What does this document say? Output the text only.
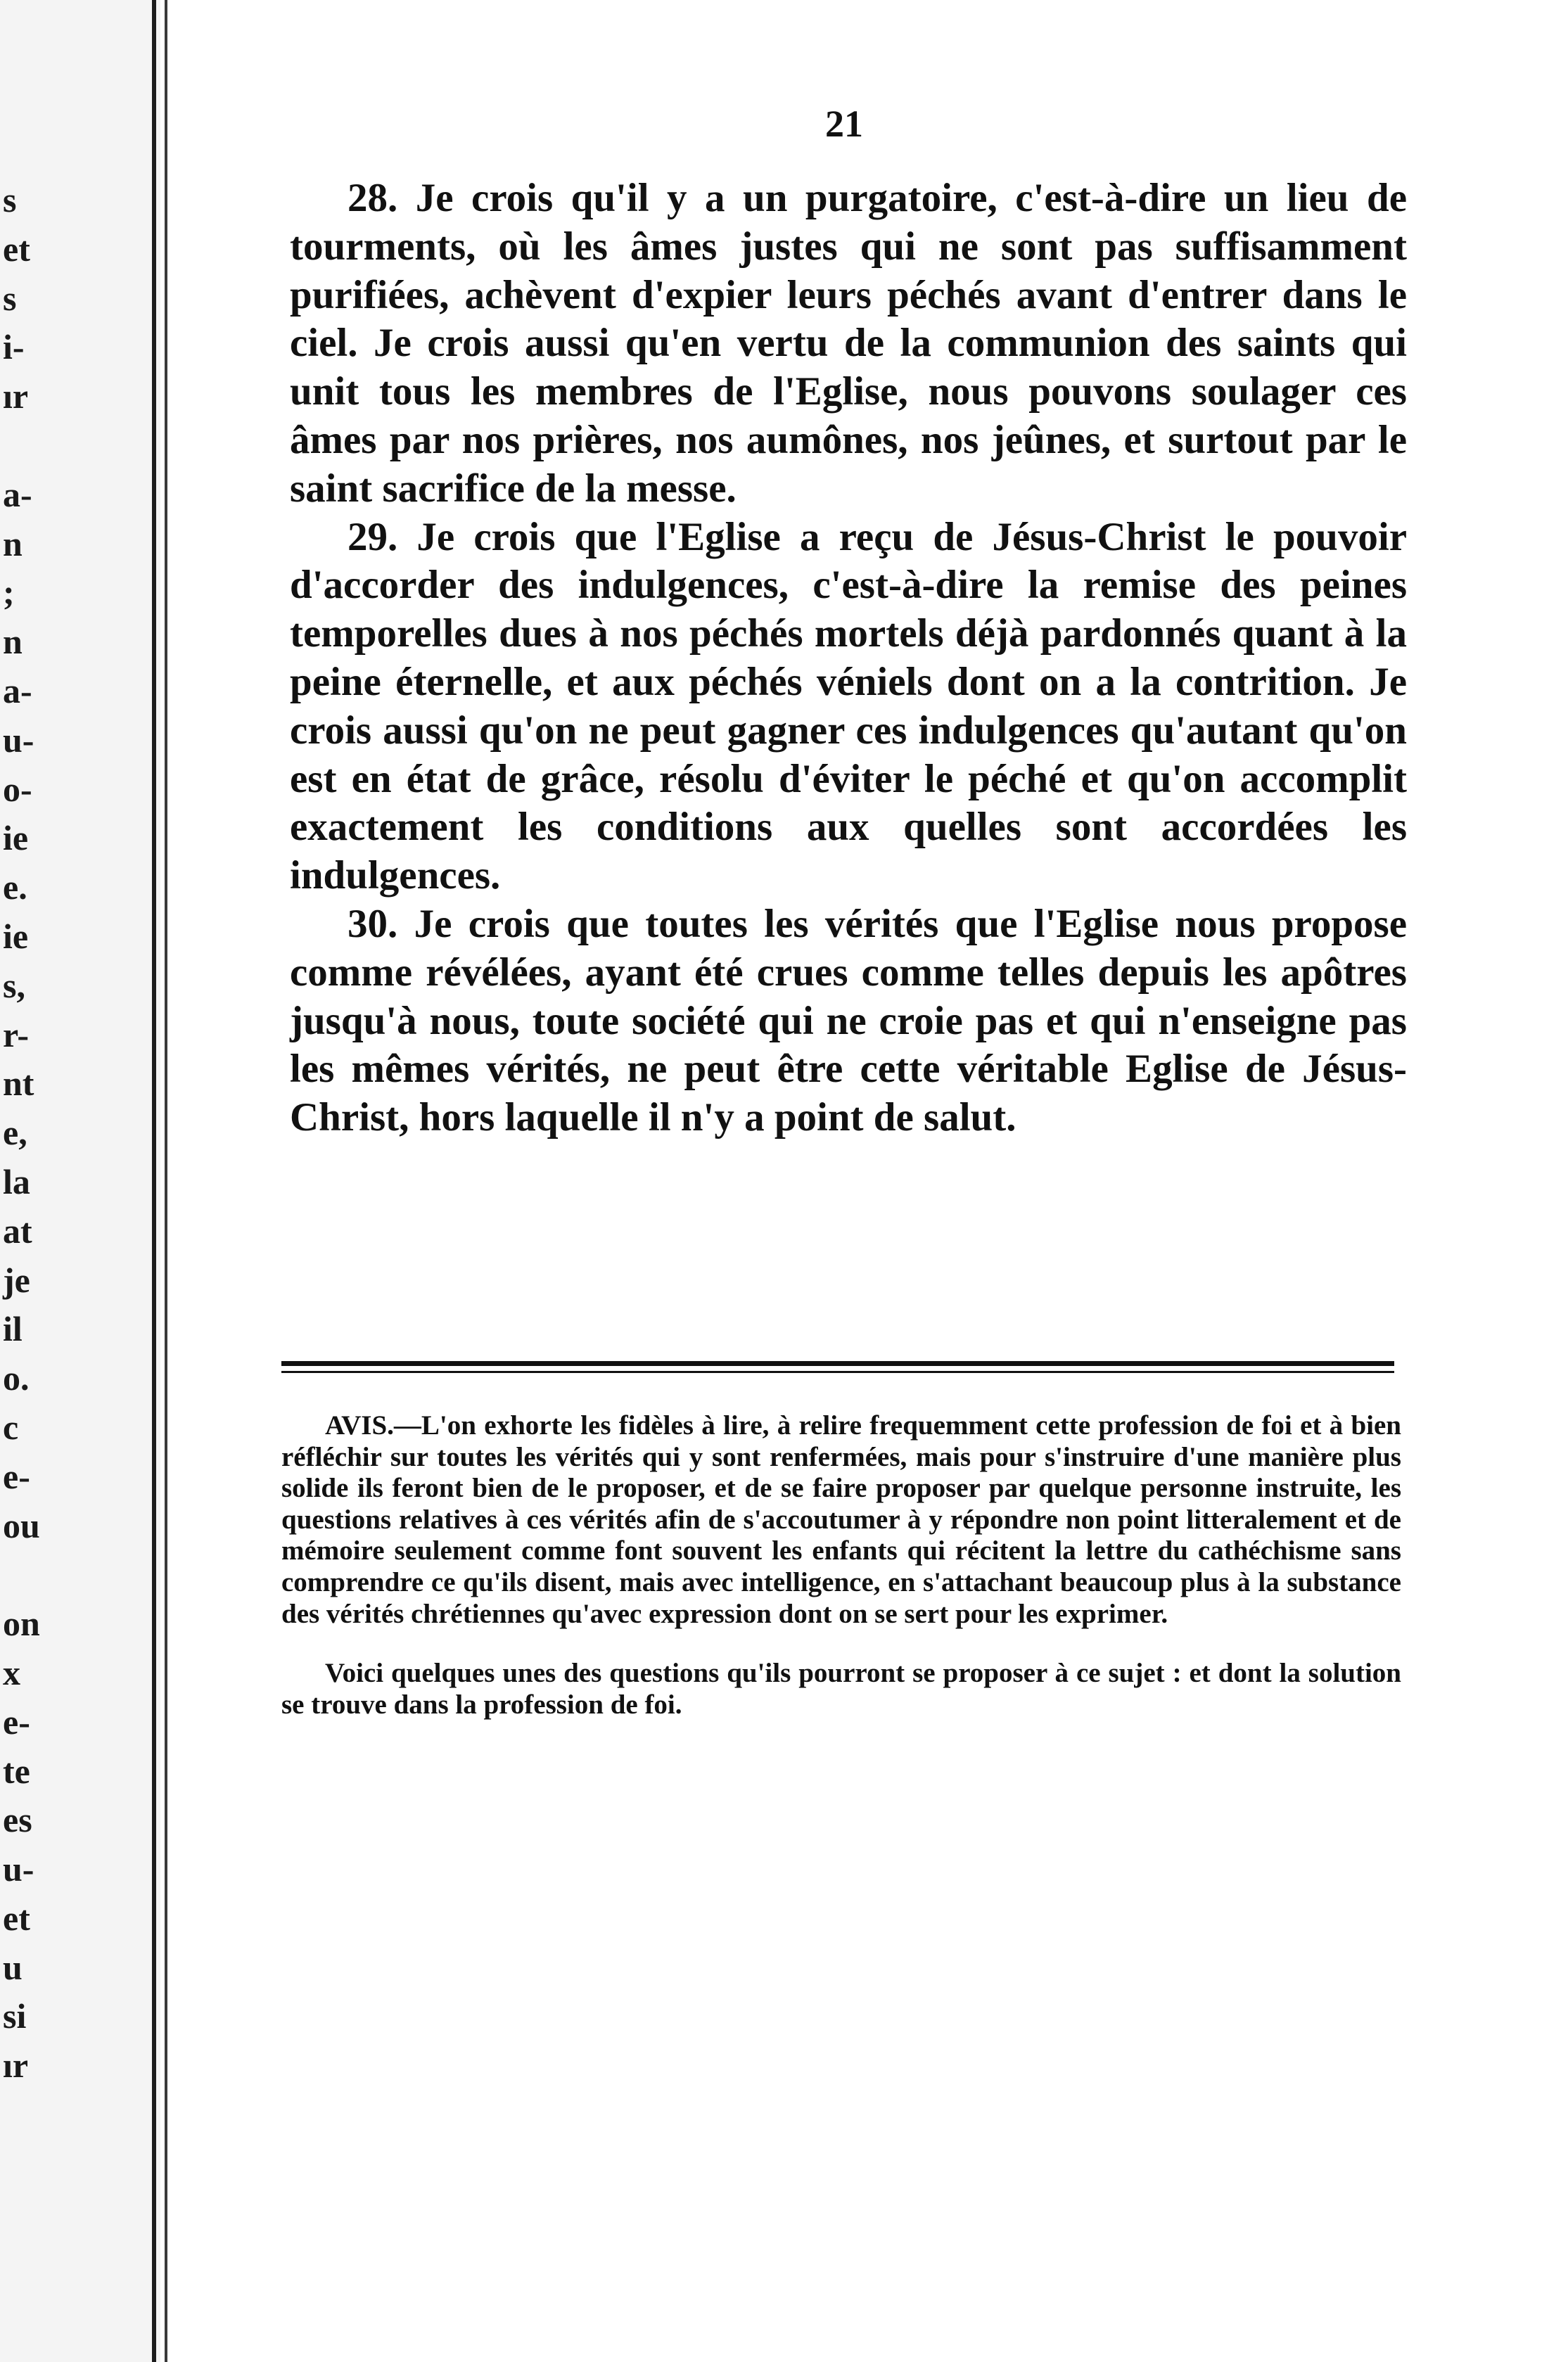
s
et
s
i-
ır
a-
n
;
n
a-
u-
o-
ie
e.
ie
s,
r-
nt
e,
la
at
je
il
o.
c
e-
ou
on
x
e-
te
es
u-
et
u
si
ır
21

28. Je crois qu'il y a un purgatoire, c'est-à-dire un lieu de tourments, où les âmes justes qui ne sont pas suffisamment purifiées, achèvent d'expier leurs péchés avant d'entrer dans le ciel. Je crois aussi qu'en vertu de la communion des saints qui unit tous les membres de l'Eglise, nous pouvons soulager ces âmes par nos prières, nos aumônes, nos jeûnes, et surtout par le saint sacrifice de la messe.

29. Je crois que l'Eglise a reçu de Jésus-Christ le pouvoir d'accorder des indulgences, c'est-à-dire la remise des peines temporelles dues à nos péchés mortels déjà pardonnés quant à la peine éternelle, et aux péchés véniels dont on a la contrition. Je crois aussi qu'on ne peut gagner ces indulgences qu'autant qu'on est en état de grâce, résolu d'éviter le péché et qu'on accomplit exactement les conditions aux quelles sont accordées les indulgences.

30. Je crois que toutes les vérités que l'Eglise nous propose comme révélées, ayant été crues comme telles depuis les apôtres jusqu'à nous, toute société qui ne croie pas et qui n'enseigne pas les mêmes vérités, ne peut être cette véritable Eglise de Jésus-Christ, hors laquelle il n'y a point de salut.

AVIS.—L'on exhorte les fidèles à lire, à relire frequemment cette profession de foi et à bien réfléchir sur toutes les vérités qui y sont renfermées, mais pour s'instruire d'une manière plus solide ils feront bien de le proposer, et de se faire proposer par quelque personne instruite, les questions relatives à ces vérités afin de s'accoutumer à y répondre non point litteralement et de mémoire seulement comme font souvent les enfants qui récitent la lettre du cathéchisme sans comprendre ce qu'ils disent, mais avec intelligence, en s'attachant beaucoup plus à la substance des vérités chrétiennes qu'avec expression dont on se sert pour les exprimer.

Voici quelques unes des questions qu'ils pourront se proposer à ce sujet : et dont la solution se trouve dans la profession de foi.
